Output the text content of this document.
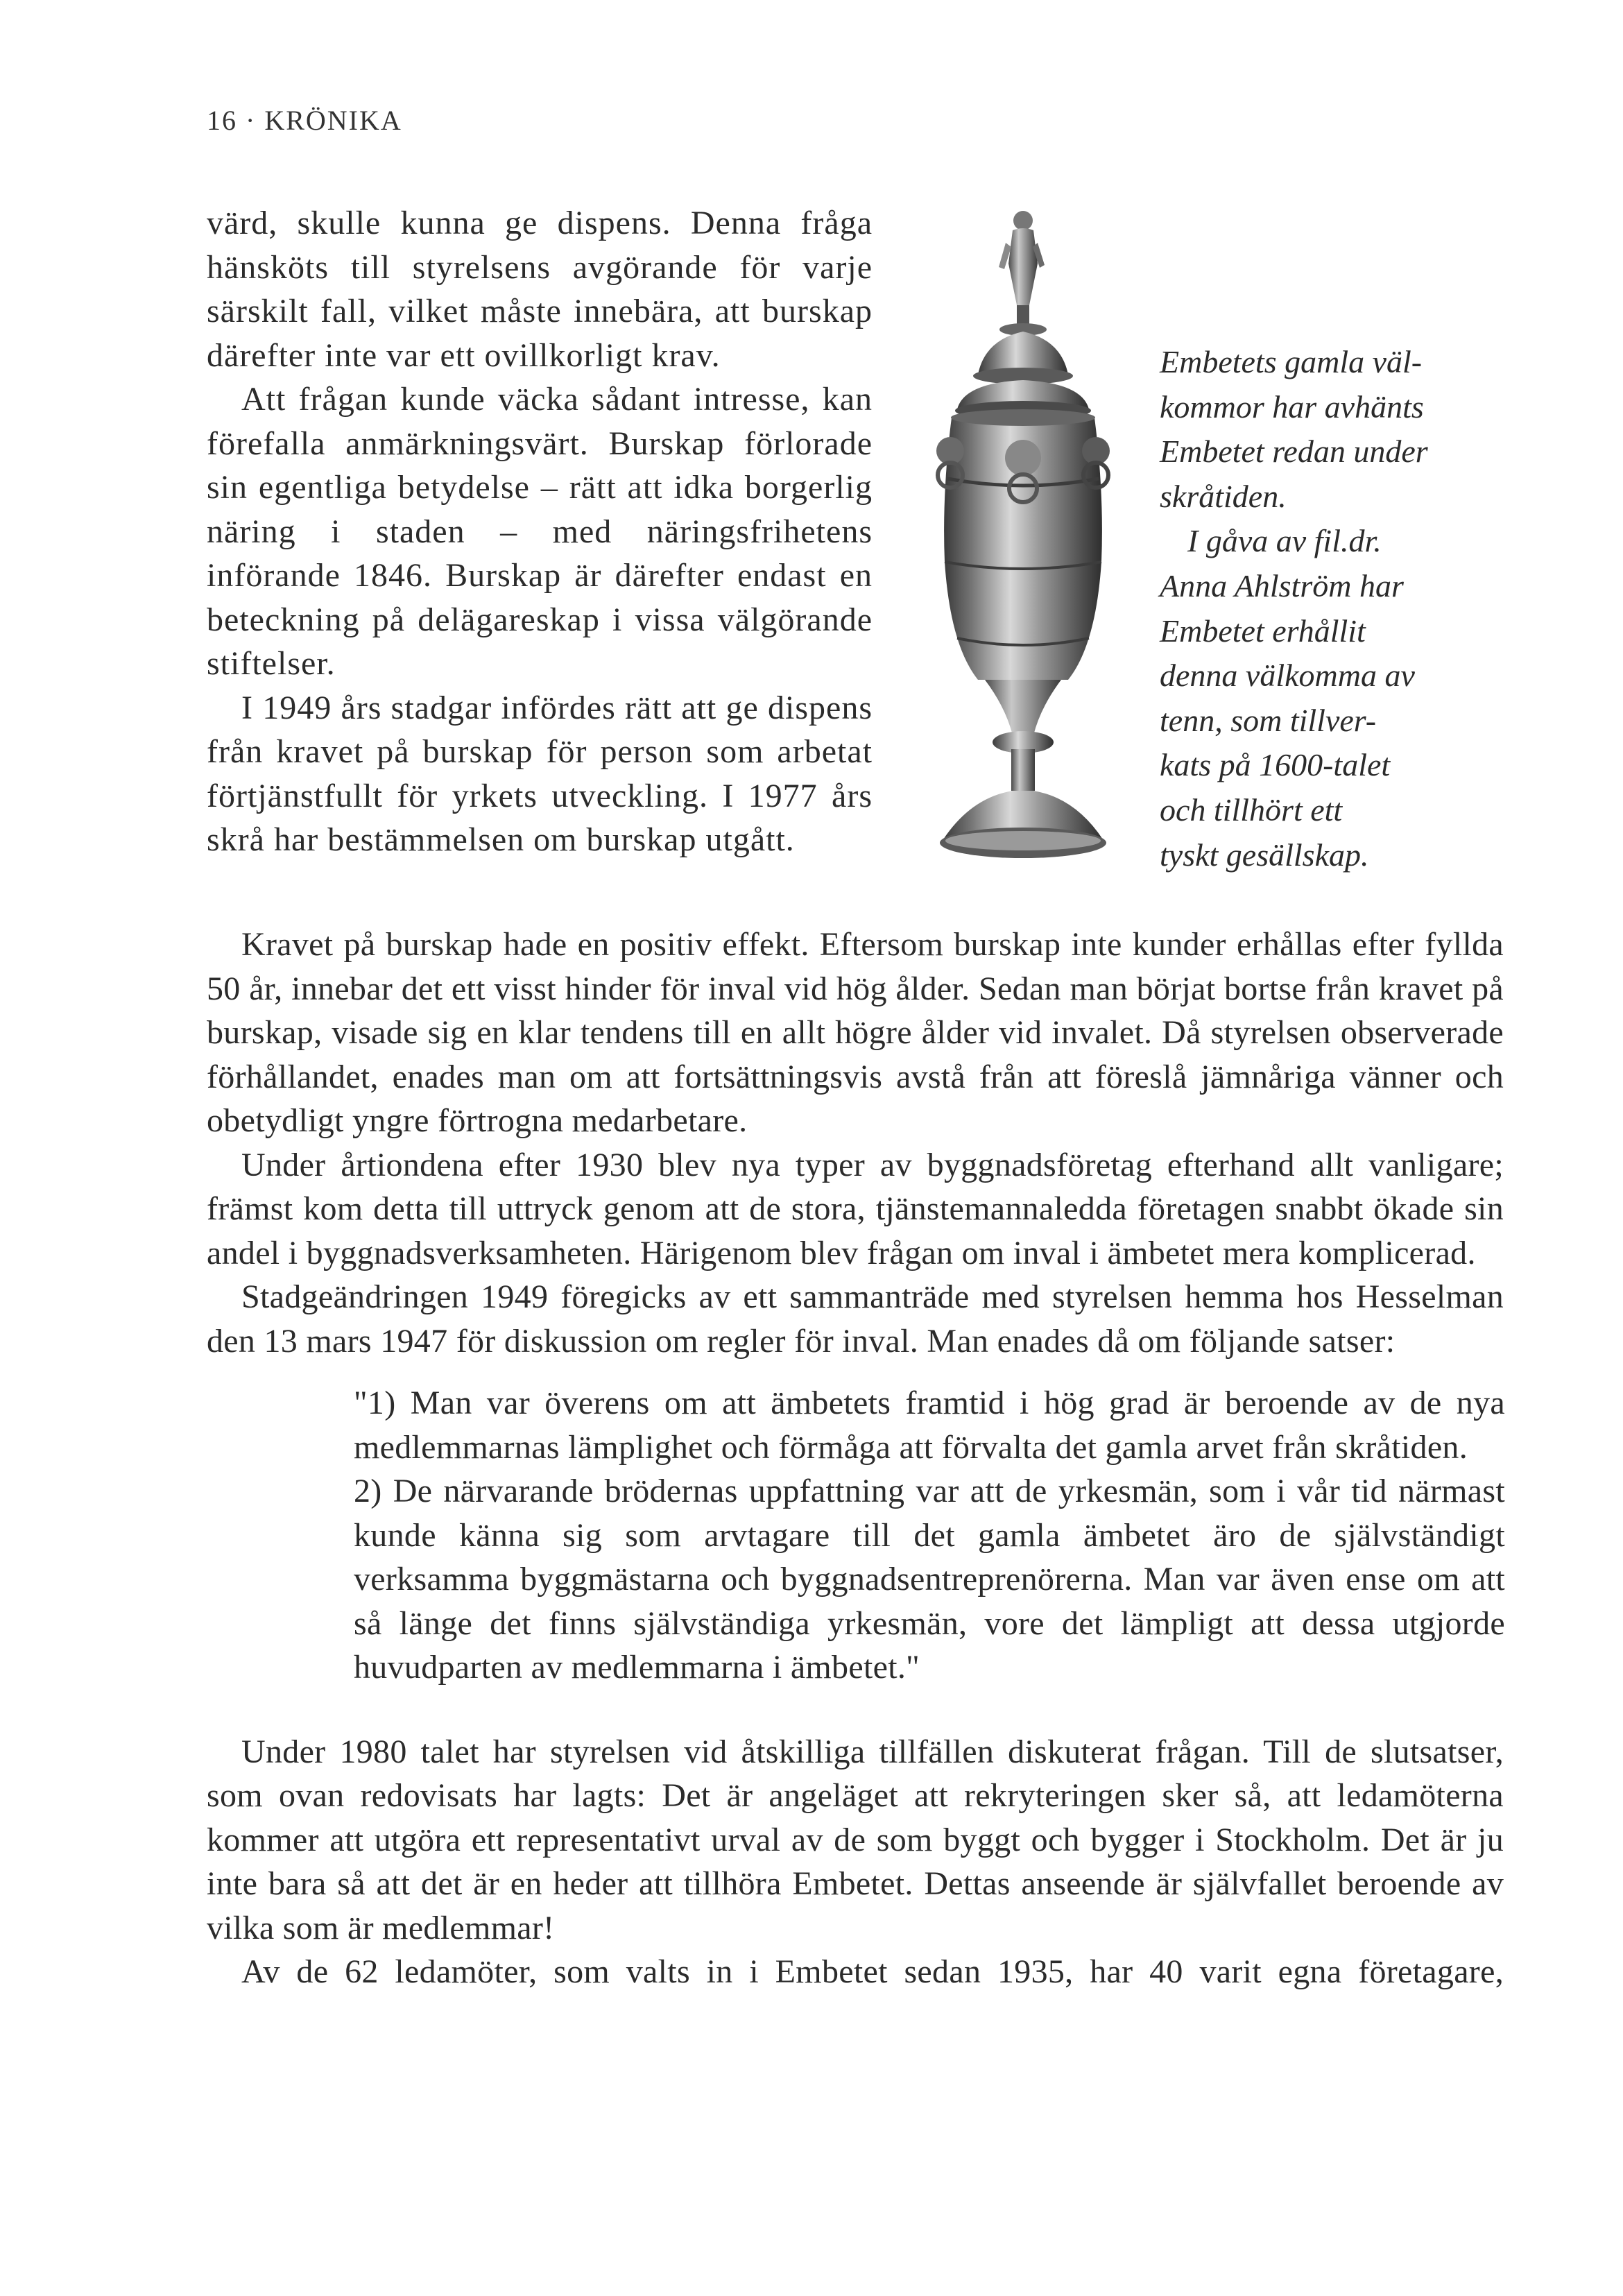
16 · KRÖNIKA

värd, skulle kunna ge dispens. Denna fråga hänsköts till styrelsens avgörande för varje särskilt fall, vilket måste innebära, att burskap därefter inte var ett ovillkorligt krav.

Att frågan kunde väcka sådant intresse, kan förefalla anmärkningsvärt. Burskap förlorade sin egentliga betydelse – rätt att idka borgerlig näring i staden – med näringsfrihetens införande 1846. Burskap är därefter endast en beteckning på delägareskap i vissa välgörande stiftelser.

I 1949 års stadgar infördes rätt att ge dispens från kravet på burskap för person som arbetat förtjänstfullt för yrkets utveckling. I 1977 års skrå har bestämmelsen om burskap utgått.

Embetets gamla väl-
kommor har avhänts
Embetet redan under
skråtiden.
I gåva av fil.dr.
Anna Ahlström har
Embetet erhållit
denna välkomma av
tenn, som tillver-
kats på 1600-talet
och tillhört ett
tyskt gesällskap.

Kravet på burskap hade en positiv effekt. Eftersom burskap inte kunder erhållas efter fyllda 50 år, innebar det ett visst hinder för inval vid hög ålder. Sedan man börjat bortse från kravet på burskap, visade sig en klar tendens till en allt högre ålder vid invalet. Då styrelsen observerade förhållandet, enades man om att fortsättningsvis avstå från att föreslå jämnåriga vänner och obetydligt yngre förtrogna medarbetare.

Under årtiondena efter 1930 blev nya typer av byggnadsföretag efterhand allt vanligare; främst kom detta till uttryck genom att de stora, tjänstemannaledda företagen snabbt ökade sin andel i byggnadsverksamheten. Härigenom blev frågan om inval i ämbetet mera komplicerad.

Stadgeändringen 1949 föregicks av ett sammanträde med styrelsen hemma hos Hesselman den 13 mars 1947 för diskussion om regler för inval. Man enades då om följande satser:

"1) Man var överens om att ämbetets framtid i hög grad är beroende av de nya medlemmarnas lämplighet och förmåga att förvalta det gamla arvet från skråtiden.

2) De närvarande brödernas uppfattning var att de yrkesmän, som i vår tid närmast kunde känna sig som arvtagare till det gamla ämbetet äro de självständigt verksamma byggmästarna och byggnadsentreprenörerna. Man var även ense om att så länge det finns självständiga yrkesmän, vore det lämpligt att dessa utgjorde huvudparten av medlemmarna i ämbetet."

Under 1980 talet har styrelsen vid åtskilliga tillfällen diskuterat frågan. Till de slutsatser, som ovan redovisats har lagts: Det är angeläget att rekryteringen sker så, att ledamöterna kommer att utgöra ett representativt urval av de som byggt och bygger i Stockholm. Det är ju inte bara så att det är en heder att tillhöra Embetet. Dettas anseende är självfallet beroende av vilka som är medlemmar!

Av de 62 ledamöter, som valts in i Embetet sedan 1935, har 40 varit egna företagare,
